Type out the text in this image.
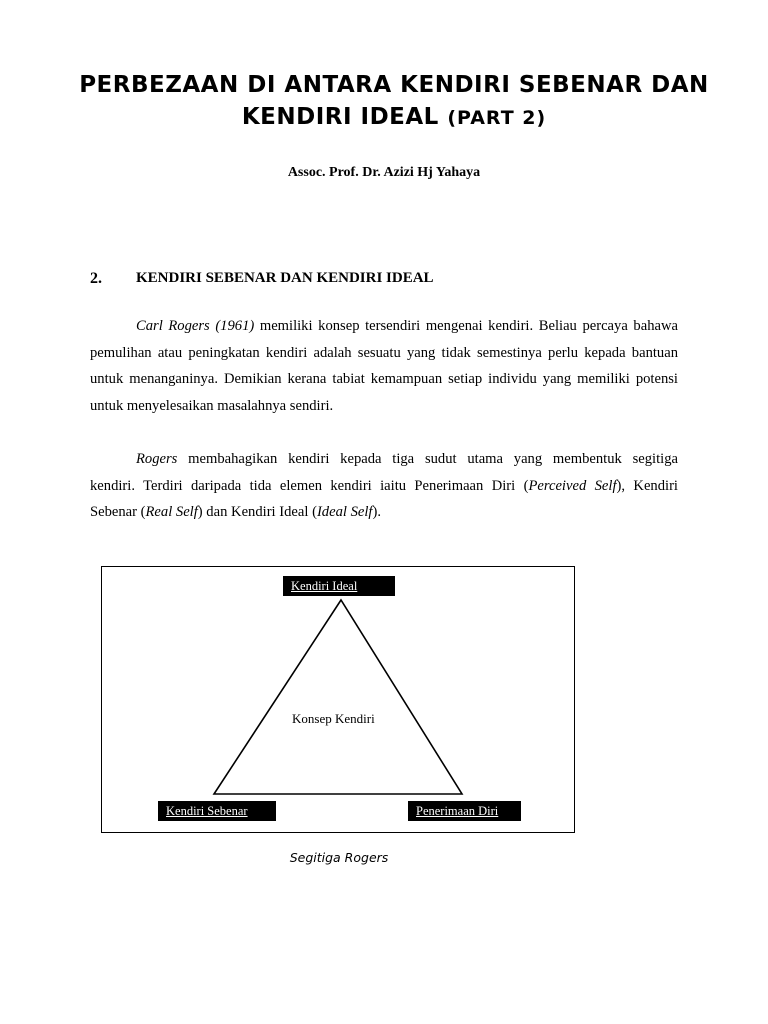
PERBEZAAN DI ANTARA KENDIRI SEBENAR DAN
KENDIRI IDEAL (PART 2)
Assoc. Prof. Dr. Azizi Hj Yahaya
2. KENDIRI SEBENAR DAN KENDIRI IDEAL
Carl Rogers (1961) memiliki konsep tersendiri mengenai kendiri. Beliau percaya bahawa
pemulihan atau peningkatan kendiri adalah sesuatu yang tidak semestinya perlu kepada bantuan
untuk menanganinya. Demikian kerana tabiat kemampuan setiap individu yang memiliki potensi
untuk menyelesaikan masalahnya sendiri.
Rogers membahagikan kendiri kepada tiga sudut utama yang membentuk segitiga
kendiri. Terdiri daripada tida elemen kendiri iaitu Penerimaan Diri (Perceived Self), Kendiri
Sebenar (Real Self) dan Kendiri Ideal (Ideal Self).
Kendiri Ideal
Konsep Kendiri
Kendiri Sebenar	Penerimaan Diri
Segitiga Rogers
